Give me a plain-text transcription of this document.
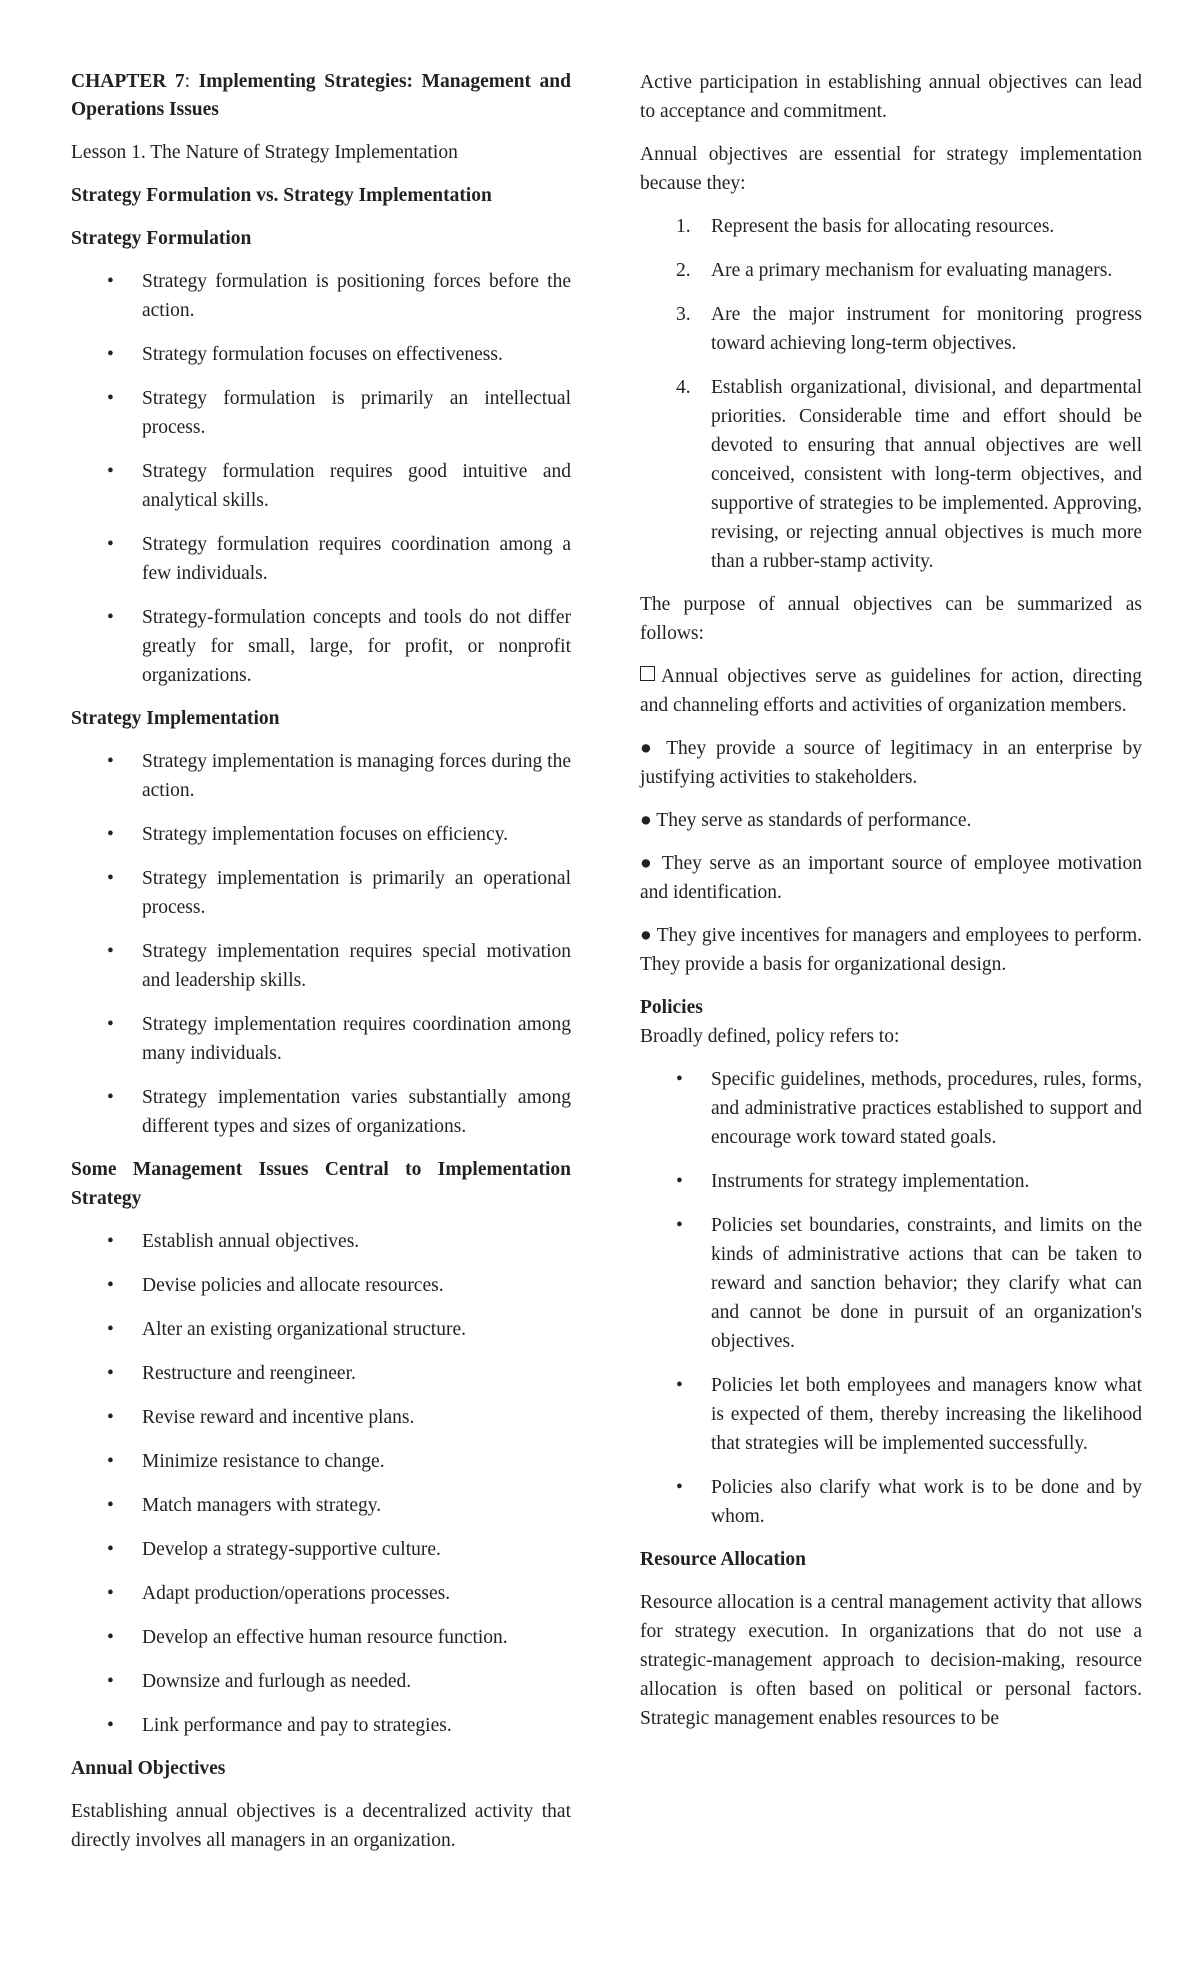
CHAPTER 7: Implementing Strategies: Management and Operations Issues

Lesson 1. The Nature of Strategy Implementation

Strategy Formulation vs. Strategy Implementation
Strategy Formulation
• Strategy formulation is positioning forces before the action.
• Strategy formulation focuses on effectiveness.
• Strategy formulation is primarily an intellectual process.
• Strategy formulation requires good intuitive and analytical skills.
• Strategy formulation requires coordination among a few individuals.
• Strategy-formulation concepts and tools do not differ greatly for small, large, for profit, or nonprofit organizations.
Strategy Implementation
• Strategy implementation is managing forces during the action.
• Strategy implementation focuses on efficiency.
• Strategy implementation is primarily an operational process.
• Strategy implementation requires special motivation and leadership skills.
• Strategy implementation requires coordination among many individuals.
• Strategy implementation varies substantially among different types and sizes of organizations.
Some Management Issues Central to Implementation Strategy
• Establish annual objectives.
• Devise policies and allocate resources.
• Alter an existing organizational structure.
• Restructure and reengineer.
• Revise reward and incentive plans.
• Minimize resistance to change.
• Match managers with strategy.
• Develop a strategy-supportive culture.
• Adapt production/operations processes.
• Develop an effective human resource function.
• Downsize and furlough as needed.
• Link performance and pay to strategies.
Annual Objectives

Establishing annual objectives is a decentralized activity that directly involves all managers in an organization.

Active participation in establishing annual objectives can lead to acceptance and commitment.

Annual objectives are essential for strategy implementation because they:

1. Represent the basis for allocating resources.
2. Are a primary mechanism for evaluating managers.
3. Are the major instrument for monitoring progress toward achieving long-term objectives.
4. Establish organizational, divisional, and departmental priorities. Considerable time and effort should be devoted to ensuring that annual objectives are well conceived, consistent with long-term objectives, and supportive of strategies to be implemented. Approving, revising, or rejecting annual objectives is much more than a rubber-stamp activity.

The purpose of annual objectives can be summarized as follows:

Annual objectives serve as guidelines for action, directing and channeling efforts and activities of organization members.

● They provide a source of legitimacy in an enterprise by justifying activities to stakeholders.

● They serve as standards of performance.

● They serve as an important source of employee motivation and identification.

● They give incentives for managers and employees to perform. They provide a basis for organizational design.

Policies

Broadly defined, policy refers to:

• Specific guidelines, methods, procedures, rules, forms, and administrative practices established to support and encourage work toward stated goals.
• Instruments for strategy implementation.
• Policies set boundaries, constraints, and limits on the kinds of administrative actions that can be taken to reward and sanction behavior; they clarify what can and cannot be done in pursuit of an organization's objectives.
• Policies let both employees and managers know what is expected of them, thereby increasing the likelihood that strategies will be implemented successfully.
• Policies also clarify what work is to be done and by whom.
Resource Allocation

Resource allocation is a central management activity that allows for strategy execution. In organizations that do not use a strategic-management approach to decision-making, resource allocation is often based on political or personal factors. Strategic management enables resources to be
